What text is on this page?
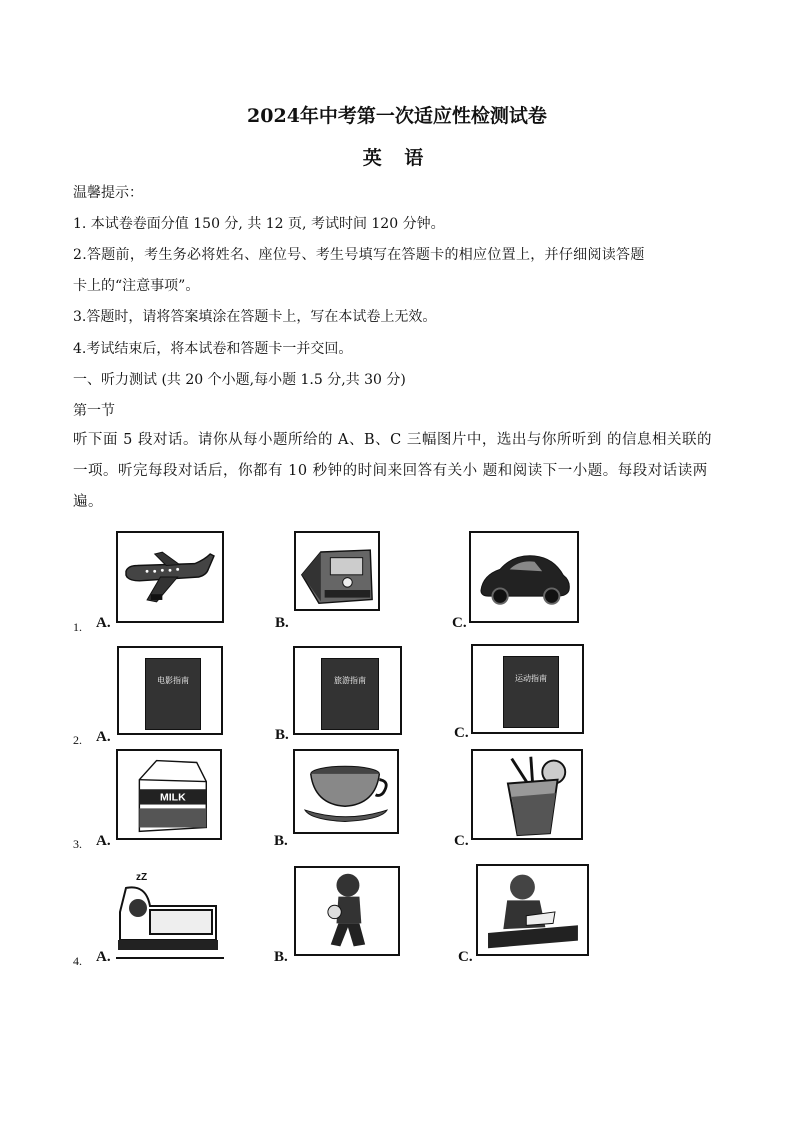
2024年中考第一次适应性检测试卷
英 语
温馨提示：
1. 本试卷卷面分值 150 分, 共 12 页, 考试时间 120 分钟。
2.答题前，考生务必将姓名、座位号、考生号填写在答题卡的相应位置上，并仔细阅读答题
卡上的“注意事项”。
3.答题时，请将答案填涂在答题卡上，写在本试卷上无效。
4.考试结束后，将本试卷和答题卡一并交回。
一、听力测试 (共 20 个小题,每小题 1.5 分,共 30 分)
第一节
听下面 5 段对话。请你从每小题所给的 A、B、C 三幅图片中，选出与你所听到 的信息相关联的一项。听完每段对话后，你都有 10 秒钟的时间来回答有关小 题和阅读下一小题。每段对话读两遍。
1. A.	B.	C.
2. A.
电影指南
B.
旅游指南
C.
运动指南
3. A.
MILK
B.	C.
4. A.
zZ
B.	C.
